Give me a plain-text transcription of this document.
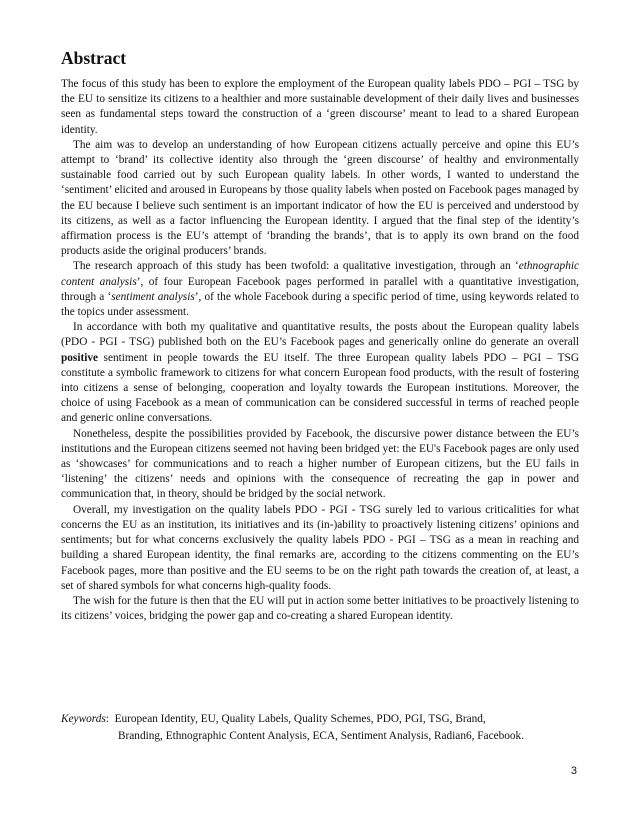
Abstract

The focus of this study has been to explore the employment of the European quality labels PDO – PGI – TSG by the EU to sensitize its citizens to a healthier and more sustainable development of their daily lives and businesses seen as fundamental steps toward the construction of a ‘green discourse’ meant to lead to a shared European identity.

The aim was to develop an understanding of how European citizens actually perceive and opine this EU’s attempt to ‘brand’ its collective identity also through the ‘green discourse’ of healthy and environmentally sustainable food carried out by such European quality labels. In other words, I wanted to understand the ‘sentiment’ elicited and aroused in Europeans by those quality labels when posted on Facebook pages managed by the EU because I believe such sentiment is an important indicator of how the EU is perceived and understood by its citizens, as well as a factor influencing the European identity. I argued that the final step of the identity’s affirmation process is the EU’s attempt of ‘branding the brands’, that is to apply its own brand on the food products aside the original producers’ brands.

The research approach of this study has been twofold: a qualitative investigation, through an ‘ethnographic content analysis’, of four European Facebook pages performed in parallel with a quantitative investigation, through a ‘sentiment analysis’, of the whole Facebook during a specific period of time, using keywords related to the topics under assessment.

In accordance with both my qualitative and quantitative results, the posts about the European quality labels (PDO - PGI - TSG) published both on the EU’s Facebook pages and generically online do generate an overall positive sentiment in people towards the EU itself. The three European quality labels PDO – PGI – TSG constitute a symbolic framework to citizens for what concern European food products, with the result of fostering into citizens a sense of belonging, cooperation and loyalty towards the European institutions. Moreover, the choice of using Facebook as a mean of communication can be considered successful in terms of reached people and generic online conversations.

Nonetheless, despite the possibilities provided by Facebook, the discursive power distance between the EU’s institutions and the European citizens seemed not having been bridged yet: the EU's Facebook pages are only used as ‘showcases’ for communications and to reach a higher number of European citizens, but the EU fails in ‘listening’ the citizens’ needs and opinions with the consequence of recreating the gap in power and communication that, in theory, should be bridged by the social network.

Overall, my investigation on the quality labels PDO - PGI - TSG surely led to various criticalities for what concerns the EU as an institution, its initiatives and its (in-)ability to proactively listening citizens’ opinions and sentiments; but for what concerns exclusively the quality labels PDO - PGI – TSG as a mean in reaching and building a shared European identity, the final remarks are, according to the citizens commenting on the EU’s Facebook pages, more than positive and the EU seems to be on the right path towards the creation of, at least, a set of shared symbols for what concerns high-quality foods.

The wish for the future is then that the EU will put in action some better initiatives to be proactively listening to its citizens’ voices, bridging the power gap and co-creating a shared European identity.

Keywords: European Identity, EU, Quality Labels, Quality Schemes, PDO, PGI, TSG, Brand,
Branding, Ethnographic Content Analysis, ECA, Sentiment Analysis, Radian6, Facebook.
3
